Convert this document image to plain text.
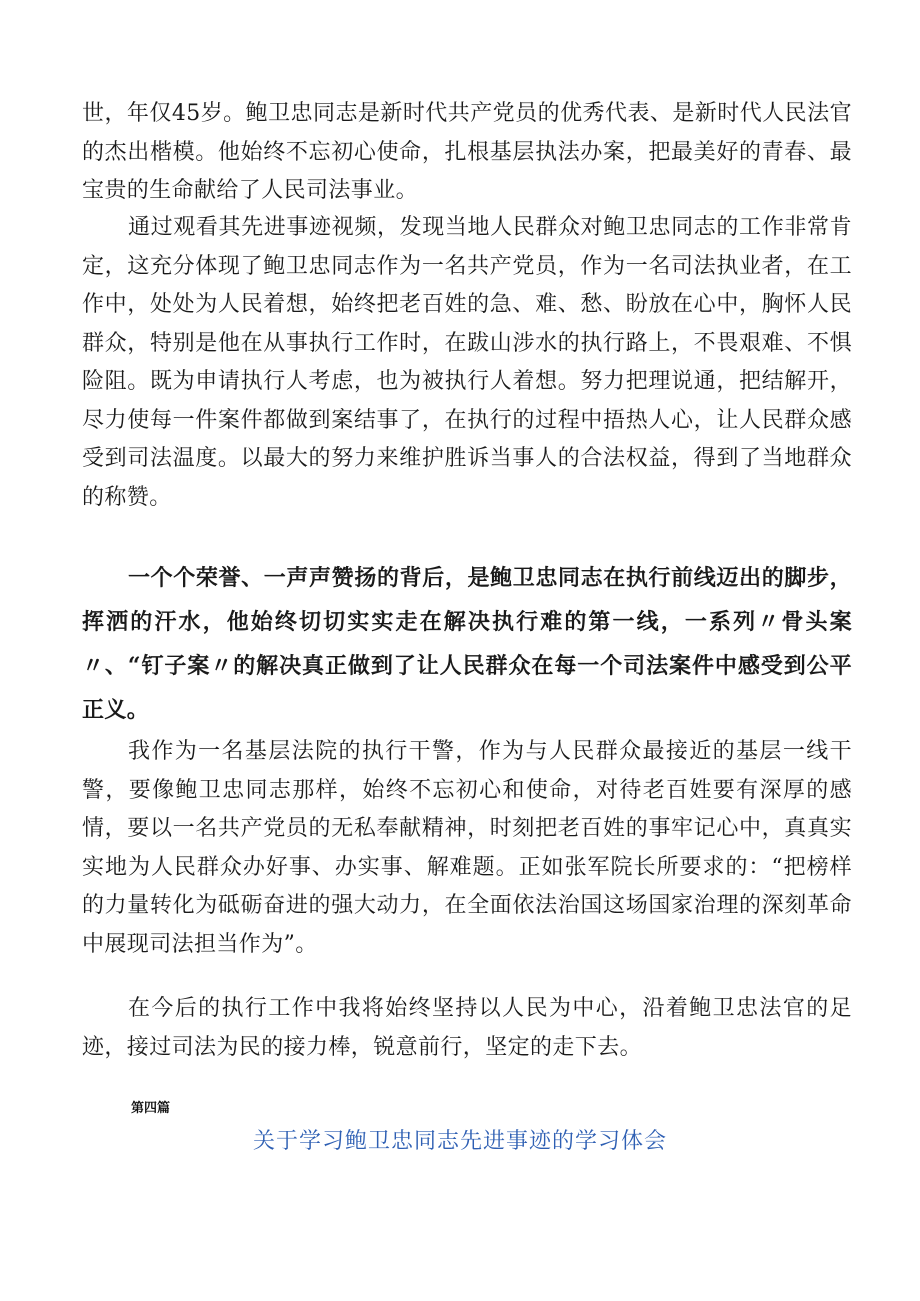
世，年仅45岁。鲍卫忠同志是新时代共产党员的优秀代表、是新时代人民法官的杰出楷模。他始终不忘初心使命，扎根基层执法办案，把最美好的青春、最宝贵的生命献给了人民司法事业。

通过观看其先进事迹视频，发现当地人民群众对鲍卫忠同志的工作非常肯定，这充分体现了鲍卫忠同志作为一名共产党员，作为一名司法执业者，在工作中，处处为人民着想，始终把老百姓的急、难、愁、盼放在心中，胸怀人民群众，特别是他在从事执行工作时，在跋山涉水的执行路上，不畏艰难、不惧险阻。既为申请执行人考虑，也为被执行人着想。努力把理说通，把结解开，尽力使每一件案件都做到案结事了，在执行的过程中捂热人心，让人民群众感受到司法温度。以最大的努力来维护胜诉当事人的合法权益，得到了当地群众的称赞。

一个个荣誉、一声声赞扬的背后，是鲍卫忠同志在执行前线迈出的脚步，挥洒的汗水，他始终切切实实走在解决执行难的第一线，一系列〃骨头案〃、“钉子案〃的解决真正做到了让人民群众在每一个司法案件中感受到公平正义。

我作为一名基层法院的执行干警，作为与人民群众最接近的基层一线干警，要像鲍卫忠同志那样，始终不忘初心和使命，对待老百姓要有深厚的感情，要以一名共产党员的无私奉献精神，时刻把老百姓的事牢记心中，真真实实地为人民群众办好事、办实事、解难题。正如张军院长所要求的：“把榜样的力量转化为砥砺奋进的强大动力，在全面依法治国这场国家治理的深刻革命中展现司法担当作为”。

在今后的执行工作中我将始终坚持以人民为中心，沿着鲍卫忠法官的足迹，接过司法为民的接力棒，锐意前行，坚定的走下去。

第四篇
关于学习鲍卫忠同志先进事迹的学习体会
